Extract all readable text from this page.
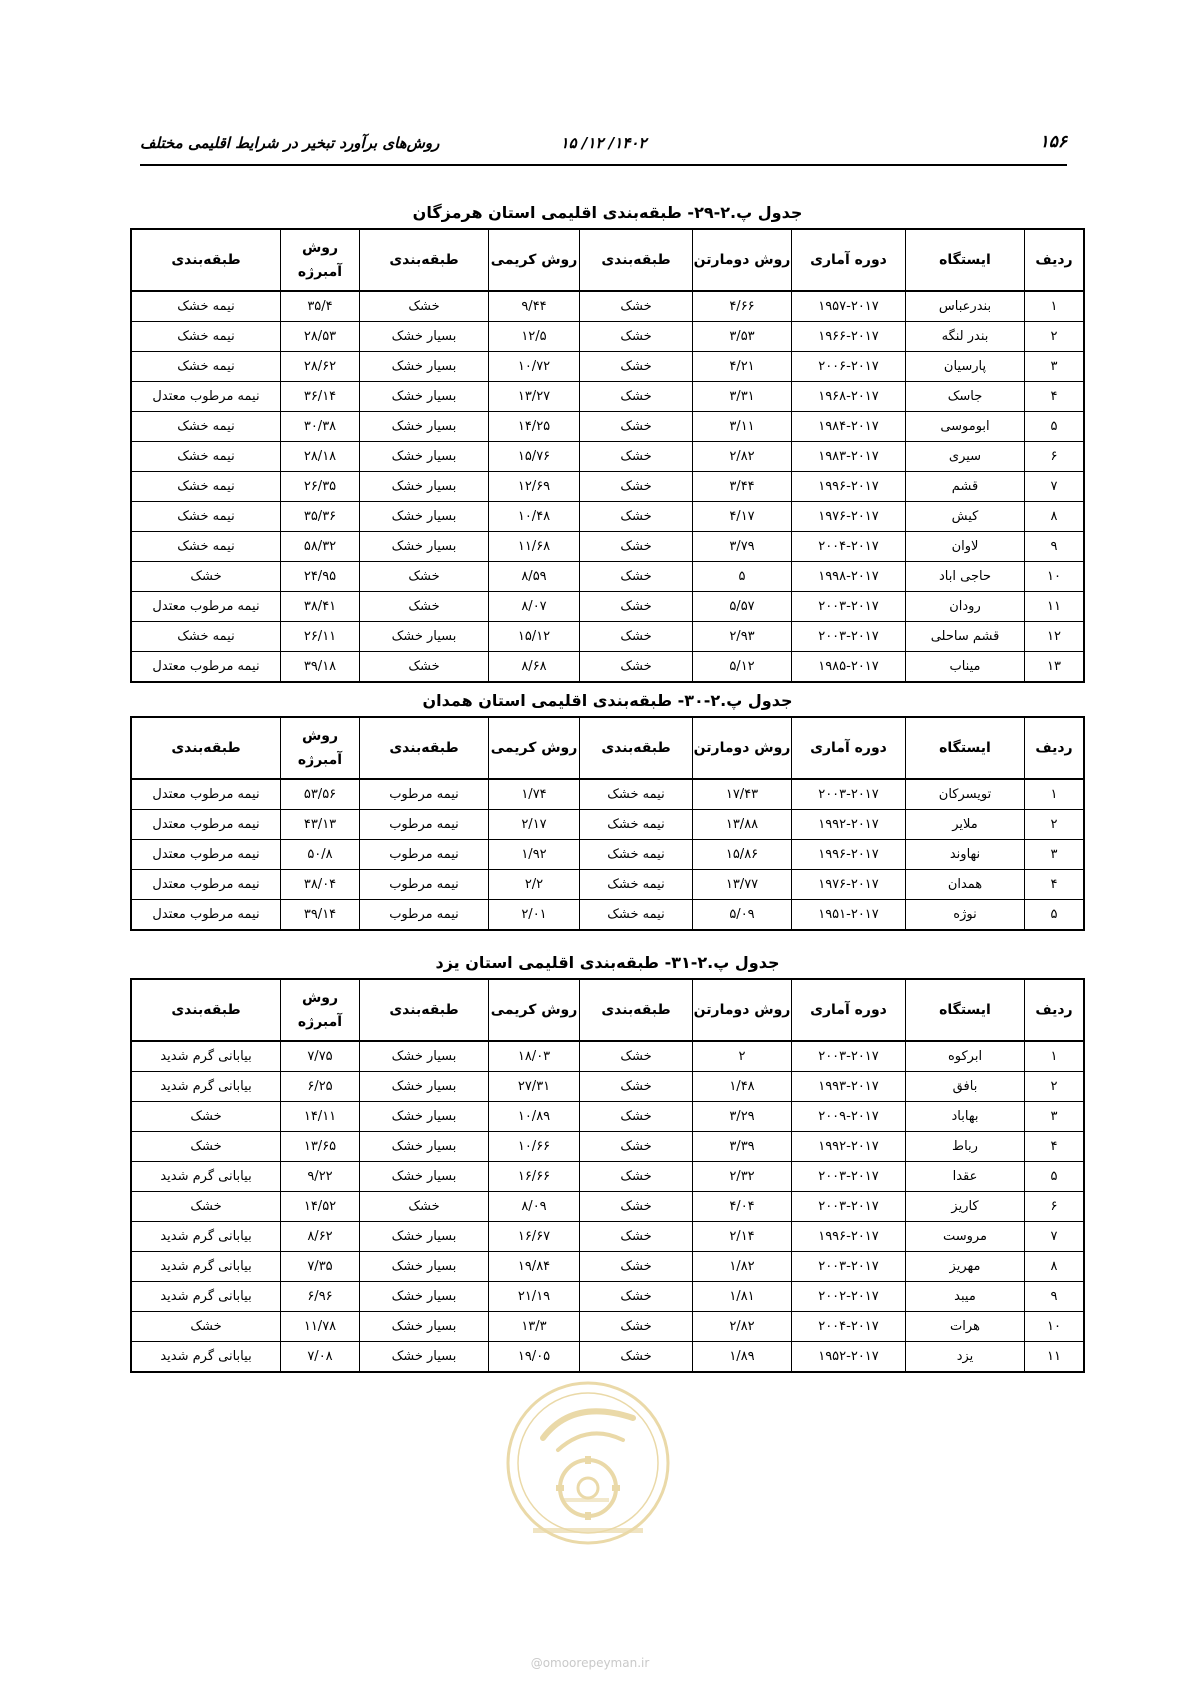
۱۵۶
۱۴۰۲/ ۱۲/ ۱۵
روش‌های برآورد تبخیر در شرایط اقلیمی مختلف
جدول پ.۲-۲۹- طبقه‌بندی اقلیمی استان هرمزگان
ردیف	ایستگاه	دوره آماری	روش دومارتن	طبقه‌بندی	روش کریمی	طبقه‌بندی	روش آمبرژه	طبقه‌بندی
۱	بندرعباس	۱۹۵۷-۲۰۱۷	۴/۶۶	خشک	۹/۴۴	خشک	۳۵/۴	نیمه خشک
۲	بندر لنگه	۱۹۶۶-۲۰۱۷	۳/۵۳	خشک	۱۲/۵	بسیار خشک	۲۸/۵۳	نیمه خشک
۳	پارسیان	۲۰۰۶-۲۰۱۷	۴/۲۱	خشک	۱۰/۷۲	بسیار خشک	۲۸/۶۲	نیمه خشک
۴	جاسک	۱۹۶۸-۲۰۱۷	۳/۳۱	خشک	۱۳/۲۷	بسیار خشک	۳۶/۱۴	نیمه مرطوب معتدل
۵	ابوموسی	۱۹۸۴-۲۰۱۷	۳/۱۱	خشک	۱۴/۲۵	بسیار خشک	۳۰/۳۸	نیمه خشک
۶	سیری	۱۹۸۳-۲۰۱۷	۲/۸۲	خشک	۱۵/۷۶	بسیار خشک	۲۸/۱۸	نیمه خشک
۷	قشم	۱۹۹۶-۲۰۱۷	۳/۴۴	خشک	۱۲/۶۹	بسیار خشک	۲۶/۳۵	نیمه خشک
۸	کیش	۱۹۷۶-۲۰۱۷	۴/۱۷	خشک	۱۰/۴۸	بسیار خشک	۳۵/۳۶	نیمه خشک
۹	لاوان	۲۰۰۴-۲۰۱۷	۳/۷۹	خشک	۱۱/۶۸	بسیار خشک	۵۸/۳۲	نیمه خشک
۱۰	حاجی اباد	۱۹۹۸-۲۰۱۷	۵	خشک	۸/۵۹	خشک	۲۴/۹۵	خشک
۱۱	رودان	۲۰۰۳-۲۰۱۷	۵/۵۷	خشک	۸/۰۷	خشک	۳۸/۴۱	نیمه مرطوب معتدل
۱۲	قشم ساحلی	۲۰۰۳-۲۰۱۷	۲/۹۳	خشک	۱۵/۱۲	بسیار خشک	۲۶/۱۱	نیمه خشک
۱۳	میناب	۱۹۸۵-۲۰۱۷	۵/۱۲	خشک	۸/۶۸	خشک	۳۹/۱۸	نیمه مرطوب معتدل
جدول پ.۲-۳۰- طبقه‌بندی اقلیمی استان همدان
ردیف	ایستگاه	دوره آماری	روش دومارتن	طبقه‌بندی	روش کریمی	طبقه‌بندی	روش آمبرژه	طبقه‌بندی
۱	تویسرکان	۲۰۰۳-۲۰۱۷	۱۷/۴۳	نیمه خشک	۱/۷۴	نیمه مرطوب	۵۳/۵۶	نیمه مرطوب معتدل
۲	ملایر	۱۹۹۲-۲۰۱۷	۱۳/۸۸	نیمه خشک	۲/۱۷	نیمه مرطوب	۴۳/۱۳	نیمه مرطوب معتدل
۳	نهاوند	۱۹۹۶-۲۰۱۷	۱۵/۸۶	نیمه خشک	۱/۹۲	نیمه مرطوب	۵۰/۸	نیمه مرطوب معتدل
۴	همدان	۱۹۷۶-۲۰۱۷	۱۳/۷۷	نیمه خشک	۲/۲	نیمه مرطوب	۳۸/۰۴	نیمه مرطوب معتدل
۵	نوژه	۱۹۵۱-۲۰۱۷	۵/۰۹	نیمه خشک	۲/۰۱	نیمه مرطوب	۳۹/۱۴	نیمه مرطوب معتدل
جدول پ.۲-۳۱- طبقه‌بندی اقلیمی استان یزد
ردیف	ایستگاه	دوره آماری	روش دومارتن	طبقه‌بندی	روش کریمی	طبقه‌بندی	روش آمبرژه	طبقه‌بندی
۱	ابرکوه	۲۰۰۳-۲۰۱۷	۲	خشک	۱۸/۰۳	بسیار خشک	۷/۷۵	بیابانی گرم شدید
۲	بافق	۱۹۹۳-۲۰۱۷	۱/۴۸	خشک	۲۷/۳۱	بسیار خشک	۶/۲۵	بیابانی گرم شدید
۳	بهاباد	۲۰۰۹-۲۰۱۷	۳/۲۹	خشک	۱۰/۸۹	بسیار خشک	۱۴/۱۱	خشک
۴	رباط	۱۹۹۲-۲۰۱۷	۳/۳۹	خشک	۱۰/۶۶	بسیار خشک	۱۳/۶۵	خشک
۵	عقدا	۲۰۰۳-۲۰۱۷	۲/۳۲	خشک	۱۶/۶۶	بسیار خشک	۹/۲۲	بیابانی گرم شدید
۶	کاریز	۲۰۰۳-۲۰۱۷	۴/۰۴	خشک	۸/۰۹	خشک	۱۴/۵۲	خشک
۷	مروست	۱۹۹۶-۲۰۱۷	۲/۱۴	خشک	۱۶/۶۷	بسیار خشک	۸/۶۲	بیابانی گرم شدید
۸	مهریز	۲۰۰۳-۲۰۱۷	۱/۸۲	خشک	۱۹/۸۴	بسیار خشک	۷/۳۵	بیابانی گرم شدید
۹	میبد	۲۰۰۲-۲۰۱۷	۱/۸۱	خشک	۲۱/۱۹	بسیار خشک	۶/۹۶	بیابانی گرم شدید
۱۰	هرات	۲۰۰۴-۲۰۱۷	۲/۸۲	خشک	۱۳/۳	بسیار خشک	۱۱/۷۸	خشک
۱۱	یزد	۱۹۵۲-۲۰۱۷	۱/۸۹	خشک	۱۹/۰۵	بسیار خشک	۷/۰۸	بیابانی گرم شدید
@omoorepeyman.ir
